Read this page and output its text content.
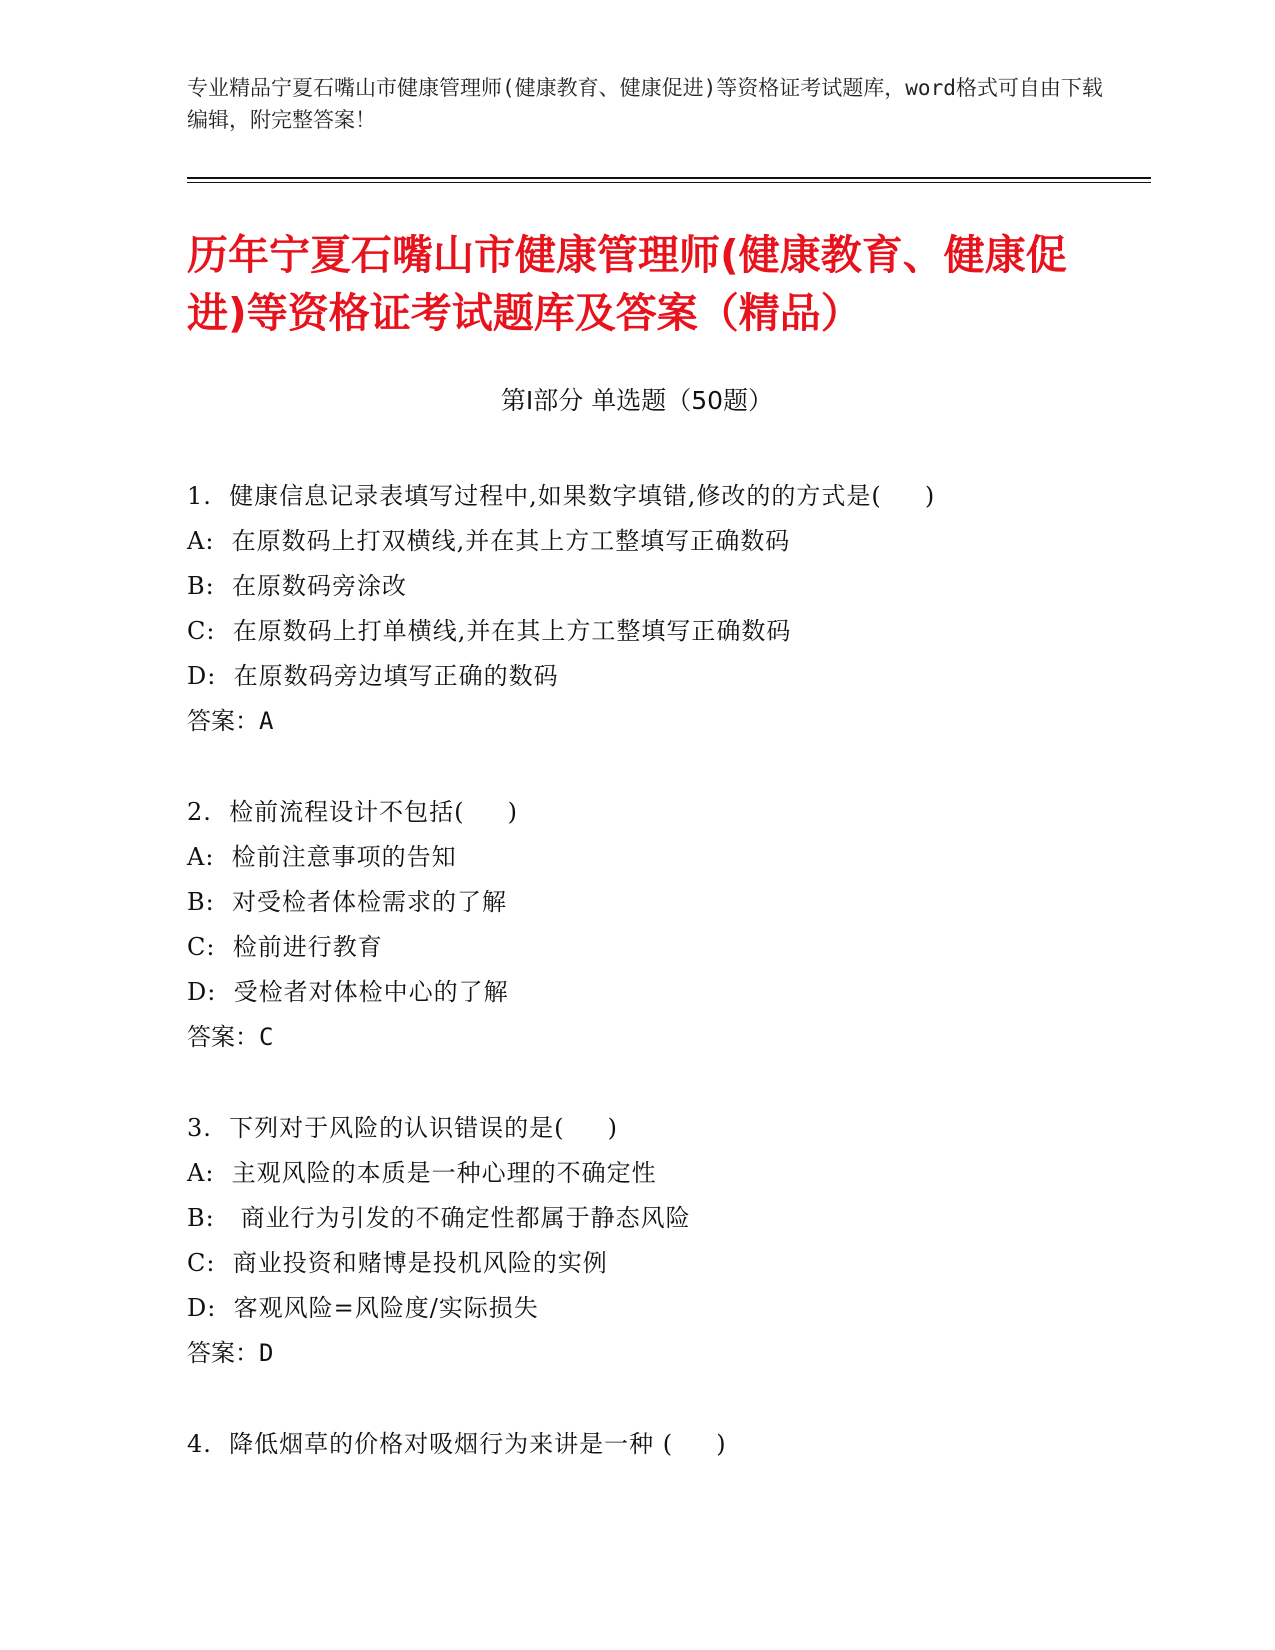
专业精品宁夏石嘴山市健康管理师(健康教育、健康促进)等资格证考试题库，word格式可自由下载编辑，附完整答案！
历年宁夏石嘴山市健康管理师(健康教育、健康促进)等资格证考试题库及答案（精品）
第Ⅰ部分 单选题（50题）
1.  健康信息记录表填写过程中,如果数字填错,修改的的方式是(     )
A:  在原数码上打双横线,并在其上方工整填写正确数码
B:  在原数码旁涂改
C:  在原数码上打单横线,并在其上方工整填写正确数码
D:  在原数码旁边填写正确的数码
答案：A
2.  检前流程设计不包括(     )
A:  检前注意事项的告知
B:  对受检者体检需求的了解
C:  检前进行教育
D:  受检者对体检中心的了解
答案：C
3.  下列对于风险的认识错误的是(     )
A:  主观风险的本质是一种心理的不确定性
B:   商业行为引发的不确定性都属于静态风险
C:  商业投资和赌博是投机风险的实例
D:  客观风险=风险度/实际损失
答案：D
4.  降低烟草的价格对吸烟行为来讲是一种 (     )
